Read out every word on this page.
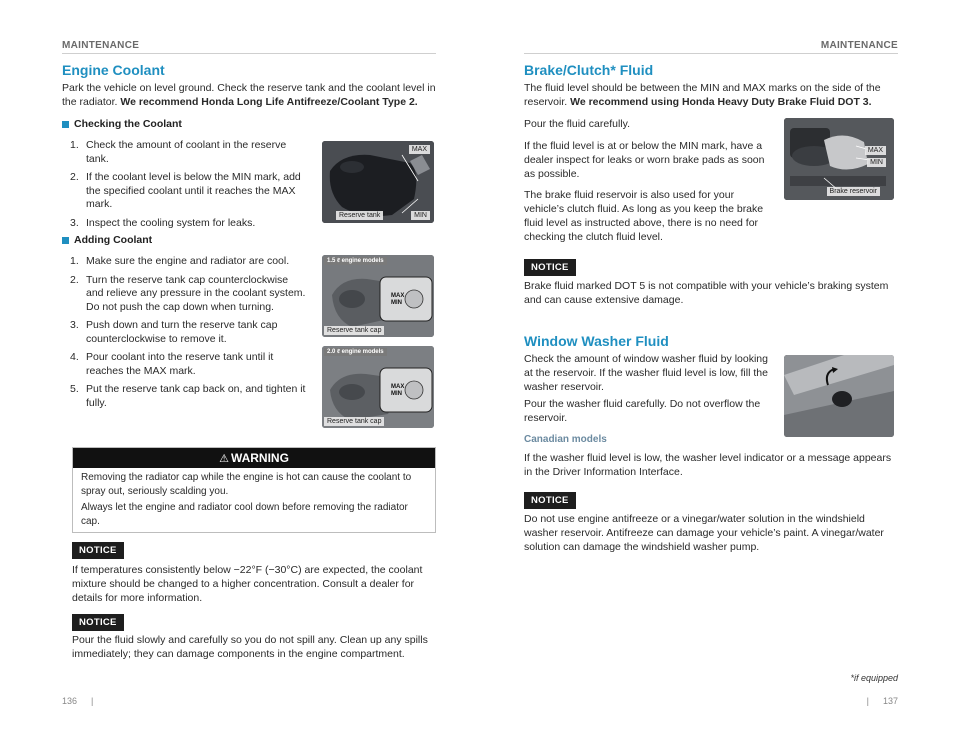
MAINTENANCE	MAINTENANCE
Engine Coolant
Park the vehicle on level ground. Check the reserve tank and the coolant level in the radiator. We recommend Honda Long Life Antifreeze/Coolant Type 2.
Checking the Coolant
1. Check the amount of coolant in the reserve tank.
2. If the coolant level is below the MIN mark, add the specified coolant until it reaches the MAX mark.
3. Inspect the cooling system for leaks.
MAX
MIN
Reserve tank
Adding Coolant
1. Make sure the engine and radiator are cool.
2. Turn the reserve tank cap counterclockwise and relieve any pressure in the coolant system. Do not push the cap down when turning.
3. Push down and turn the reserve tank cap counterclockwise to remove it.
4. Pour coolant into the reserve tank until it reaches the MAX mark.
5. Put the reserve tank cap back on, and tighten it fully.
1.5 ℓ engine models
MAX
MIN
Reserve tank cap
2.0 ℓ engine models
MAX
MIN
Reserve tank cap
⚠ WARNING
Removing the radiator cap while the engine is hot can cause the coolant to spray out, seriously scalding you.
Always let the engine and radiator cool down before removing the radiator cap.
NOTICE
If temperatures consistently below −22°F (−30°C) are expected, the coolant mixture should be changed to a higher concentration. Consult a dealer for details for more information.
NOTICE
Pour the fluid slowly and carefully so you do not spill any. Clean up any spills immediately; they can damage components in the engine compartment.
136 |
Brake/Clutch* Fluid
The fluid level should be between the MIN and MAX marks on the side of the reservoir. We recommend using Honda Heavy Duty Brake Fluid DOT 3.
Pour the fluid carefully.
If the fluid level is at or below the MIN mark, have a dealer inspect for leaks or worn brake pads as soon as possible.
The brake fluid reservoir is also used for your vehicle’s clutch fluid. As long as you keep the brake fluid level as instructed above, there is no need for checking the clutch fluid level.
MAX
MIN
Brake reservoir
NOTICE
Brake fluid marked DOT 5 is not compatible with your vehicle’s braking system and can cause extensive damage.
Window Washer Fluid
Check the amount of window washer fluid by looking at the reservoir. If the washer fluid level is low, fill the washer reservoir.
Pour the washer fluid carefully. Do not overflow the reservoir.
Canadian models
If the washer fluid level is low, the washer level indicator or a message appears in the Driver Information Interface.
NOTICE
Do not use engine antifreeze or a vinegar/water solution in the windshield washer reservoir. Antifreeze can damage your vehicle’s paint. A vinegar/water solution can damage the windshield washer pump.
*if equipped
| 137
